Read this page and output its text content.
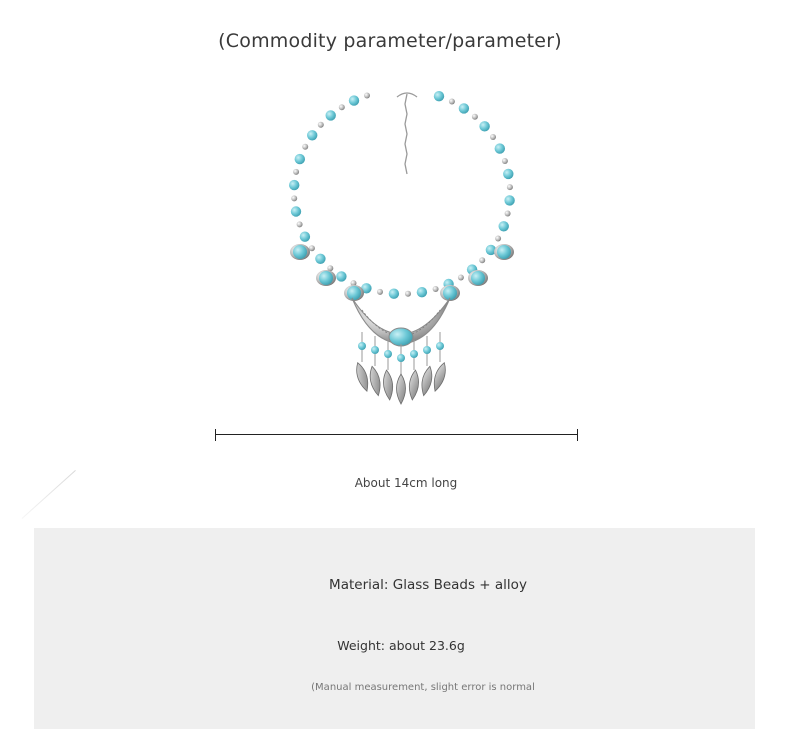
(Commodity parameter/parameter)
About 14cm long
Material: Glass Beads + alloy
Weight: about 23.6g
(Manual measurement, slight error is normal
